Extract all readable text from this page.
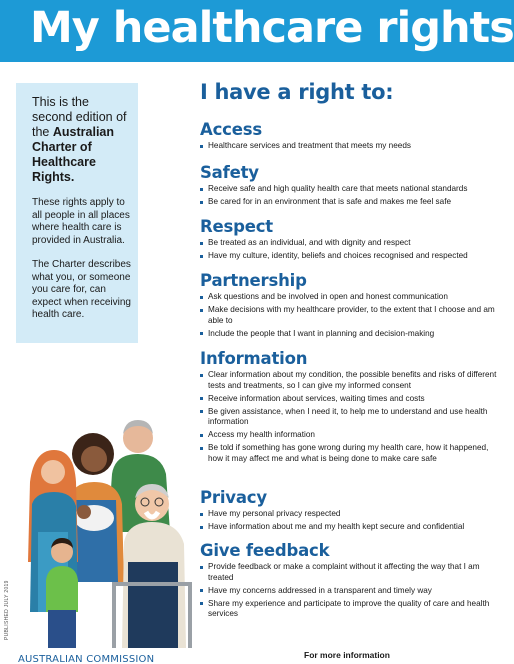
My healthcare rights

This is the second edition of the Australian Charter of Healthcare Rights.

These rights apply to all people in all places where health care is provided in Australia.

The Charter describes what you, or someone you care for, can expect when receiving health care.

I have a right to:
Access
Healthcare services and treatment that meets my needs
Safety
Receive safe and high quality health care that meets national standards
Be cared for in an environment that is safe and makes me feel safe
Respect
Be treated as an individual, and with dignity and respect
Have my culture, identity, beliefs and choices recognised and respected
Partnership
Ask questions and be involved in open and honest communication
Make decisions with my healthcare provider, to the extent that I choose and am able to
Include the people that I want in planning and decision-making
Information
Clear information about my condition, the possible benefits and risks of different tests and treatments, so I can give my informed consent
Receive information about services, waiting times and costs
Be given assistance, when I need it, to help me to understand and use health information
Access my health information
Be told if something has gone wrong during my health care, how it happened, how it may affect me and what is being done to make care safe
Privacy
Have my personal privacy respected
Have information about me and my health kept secure and confidential
Give feedback
Provide feedback or make a complaint without it affecting the way that I am treated
Have my concerns addressed in a transparent and timely way
Share my experience and participate to improve the quality of care and health services
PUBLISHED JULY 2019
AUSTRALIAN COMMISSION	For more information
